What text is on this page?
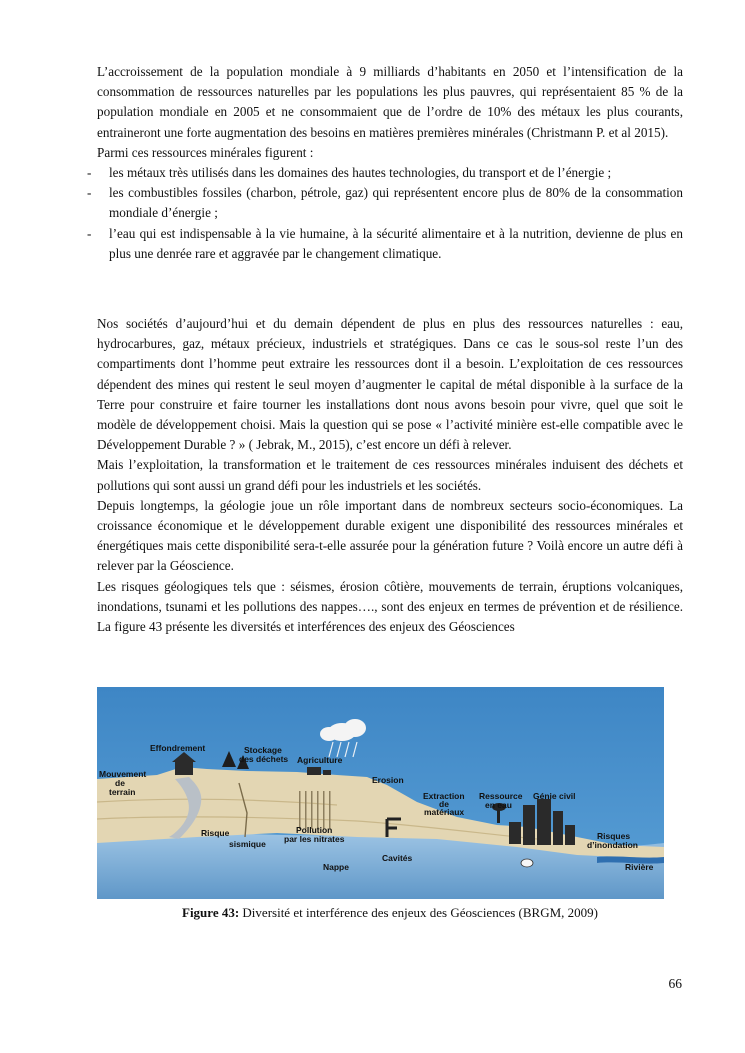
L’accroissement de la population mondiale à 9 milliards d’habitants en 2050 et l’intensification de la consommation de ressources naturelles par les populations les plus pauvres, qui représentaient 85 % de la population mondiale en 2005 et ne consommaient que de l’ordre de 10% des métaux les plus courants, entraineront une forte augmentation des besoins en matières premières minérales (Christmann P. et al 2015).

Parmi ces ressources minérales figurent :

- les métaux très utilisés dans les domaines des hautes technologies, du transport et de l’énergie ;
- les combustibles fossiles (charbon, pétrole, gaz) qui représentent encore plus de 80% de la consommation mondiale d’énergie ;
- l’eau qui est indispensable à la vie humaine, à la sécurité alimentaire et à la nutrition, devienne de plus en plus une denrée rare et aggravée par le changement climatique.

Nos sociétés d’aujourd’hui et du demain dépendent de plus en plus des ressources naturelles : eau, hydrocarbures, gaz, métaux précieux, industriels et stratégiques. Dans ce cas le sous-sol reste l’un des compartiments dont l’homme peut extraire les ressources dont il a besoin. L’exploitation de ces ressources dépendent des mines qui restent le seul moyen d’augmenter le capital de métal disponible à la surface de la Terre pour construire et faire tourner les installations dont nous avons besoin pour vivre, quel que soit le modèle de développement choisi. Mais la question qui se pose « l’activité minière est-elle compatible avec le Développement Durable ? » ( Jebrak, M., 2015), c’est encore un défi à relever.

Mais l’exploitation, la transformation et le traitement de ces ressources minérales induisent des déchets et pollutions qui sont aussi un grand défi pour les industriels et les sociétés.

Depuis longtemps, la géologie joue un rôle important dans de nombreux secteurs socio-économiques. La croissance économique et le développement durable exigent une disponibilité des ressources minérales et énergétiques mais cette disponibilité sera-t-elle assurée pour la génération future ? Voilà encore un autre défi à relever par la Géoscience.

Les risques géologiques tels que : séismes, érosion côtière, mouvements de terrain, éruptions volcaniques, inondations, tsunami et les pollutions des nappes…., sont des enjeux en termes de prévention et de résilience. La figure 43 présente les diversités et interférences des enjeux des Géosciences

Effondrement	Stockage
des déchets Agriculture
Mouvement
de
terrain
Erosion
Extraction
de
matériaux
Ressource
en eau
Génie civil
Risque
sismique
Pollution
par les nitrates	Risques
d’inondation
Cavités
Nappe	Rivière
Figure 43: Diversité et interférence des enjeux des Géosciences (BRGM, 2009)
66
